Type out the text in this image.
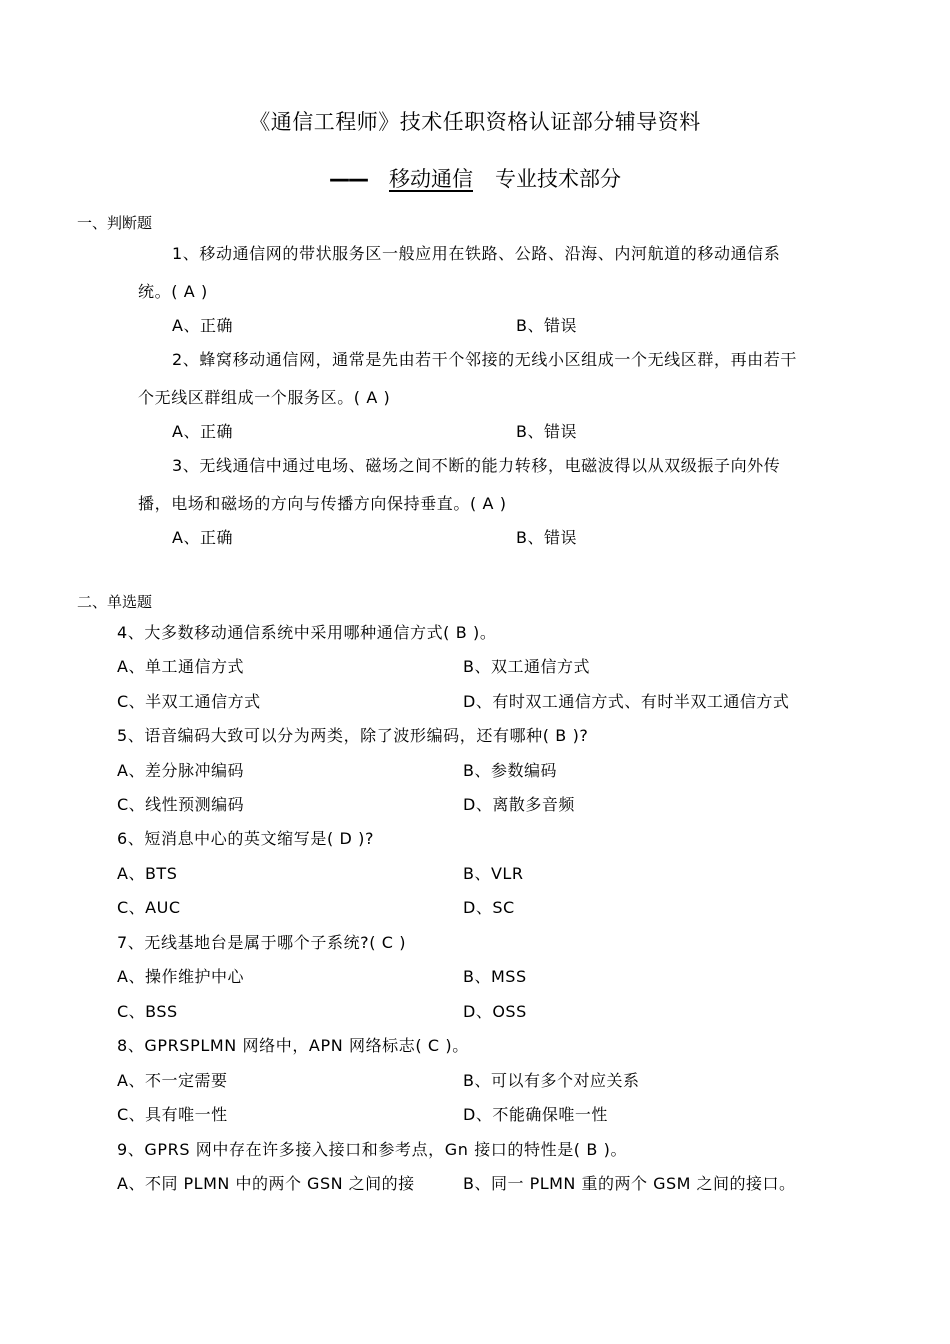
《通信工程师》技术任职资格认证部分辅导资料
—— 移动通信 专业技术部分
一、判断题
1、移动通信网的带状服务区一般应用在铁路、公路、沿海、内河航道的移动通信系
统。( A )
A、正确	B、错误
2、蜂窝移动通信网，通常是先由若干个邻接的无线小区组成一个无线区群，再由若干
个无线区群组成一个服务区。( A )
A、正确	B、错误
3、无线通信中通过电场、磁场之间不断的能力转移，电磁波得以从双级振子向外传
播，电场和磁场的方向与传播方向保持垂直。( A )
A、正确	B、错误
二、单选题
4、大多数移动通信系统中采用哪种通信方式( B )。
A、单工通信方式	B、双工通信方式
C、半双工通信方式	D、有时双工通信方式、有时半双工通信方式
5、语音编码大致可以分为两类，除了波形编码，还有哪种( B )?
A、差分脉冲编码	B、参数编码
C、线性预测编码	D、离散多音频
6、短消息中心的英文缩写是( D )?
A、BTS	B、VLR
C、AUC	D、SC
7、无线基地台是属于哪个子系统?( C )
A、操作维护中心	B、MSS
C、BSS	D、OSS
8、GPRSPLMN 网络中，APN 网络标志( C )。
A、不一定需要	B、可以有多个对应关系
C、具有唯一性	D、不能确保唯一性
9、GPRS 网中存在许多接入接口和参考点，Gn 接口的特性是( B )。
A、不同 PLMN 中的两个 GSN 之间的接	B、同一 PLMN 重的两个 GSM 之间的接口。
